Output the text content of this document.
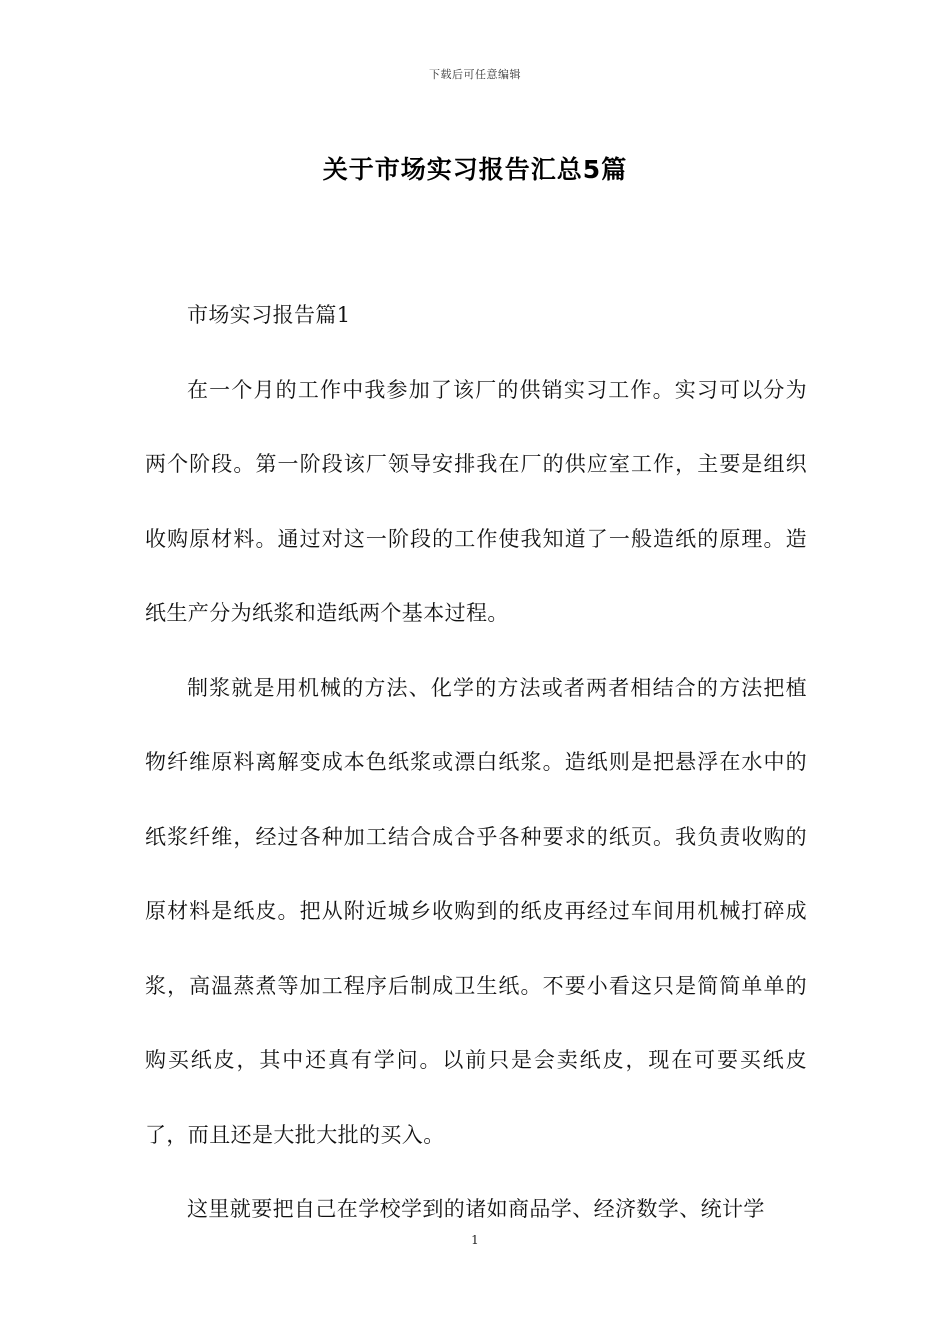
下载后可任意编辑
关于市场实习报告汇总5篇

市场实习报告篇1

在一个月的工作中我参加了该厂的供销实习工作。实习可以分为两个阶段。第一阶段该厂领导安排我在厂的供应室工作，主要是组织收购原材料。通过对这一阶段的工作使我知道了一般造纸的原理。造纸生产分为纸浆和造纸两个基本过程。

制浆就是用机械的方法、化学的方法或者两者相结合的方法把植物纤维原料离解变成本色纸浆或漂白纸浆。造纸则是把悬浮在水中的纸浆纤维，经过各种加工结合成合乎各种要求的纸页。我负责收购的原材料是纸皮。把从附近城乡收购到的纸皮再经过车间用机械打碎成浆，高温蒸煮等加工程序后制成卫生纸。不要小看这只是简简单单的购买纸皮，其中还真有学问。以前只是会卖纸皮，现在可要买纸皮了，而且还是大批大批的买入。

这里就要把自己在学校学到的诸如商品学、经济数学、统计学

1
